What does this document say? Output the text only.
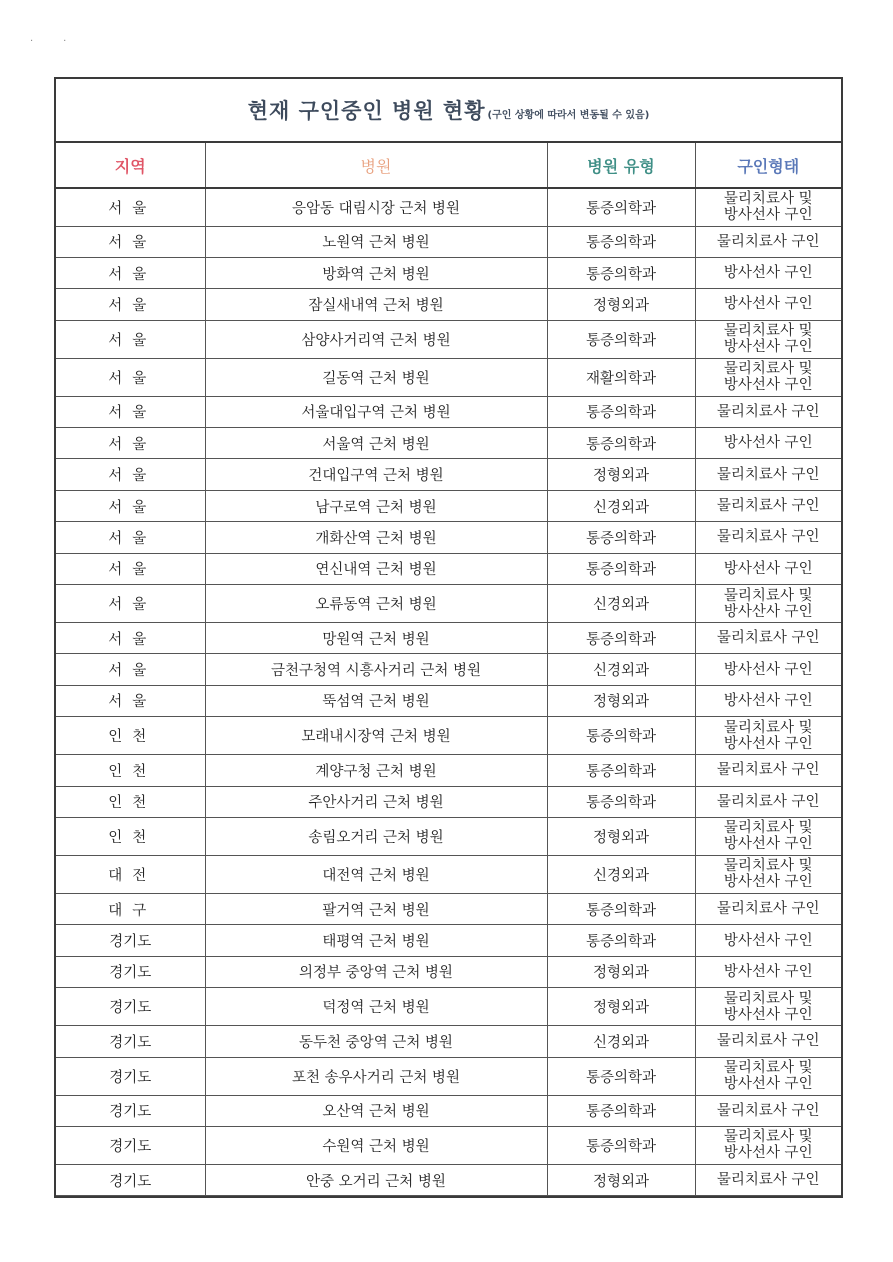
··
현재 구인중인 병원 현황 (구인 상황에 따라서 변동될 수 있음)
지역	병원	병원 유형	구인형태
서울	응암동 대림시장 근처 병원	통증의학과	물리치료사 및
방사선사 구인

서울	노원역 근처 병원	통증의학과	물리치료사 구인

서울	방화역 근처 병원	통증의학과	방사선사 구인

서울	잠실새내역 근처 병원	정형외과	방사선사 구인

서울	삼양사거리역 근처 병원	통증의학과	물리치료사 및
방사선사 구인

서울	길동역 근처 병원	재활의학과	물리치료사 및
방사선사 구인

서울	서울대입구역 근처 병원	통증의학과	물리치료사 구인

서울	서울역 근처 병원	통증의학과	방사선사 구인

서울	건대입구역 근처 병원	정형외과	물리치료사 구인

서울	남구로역 근처 병원	신경외과	물리치료사 구인

서울	개화산역 근처 병원	통증의학과	물리치료사 구인

서울	연신내역 근처 병원	통증의학과	방사선사 구인

서울	오류동역 근처 병원	신경외과	물리치료사 및
방사산사 구인

서울	망원역 근처 병원	통증의학과	물리치료사 구인

서울	금천구청역 시흥사거리 근처 병원	신경외과	방사선사 구인

서울	뚝섬역 근처 병원	정형외과	방사선사 구인

인천	모래내시장역 근처 병원	통증의학과	물리치료사 및
방사선사 구인

인천	계양구청 근처 병원	통증의학과	물리치료사 구인

인천	주안사거리 근처 병원	통증의학과	물리치료사 구인

인천	송림오거리 근처 병원	정형외과	물리치료사 및
방사선사 구인

대전	대전역 근처 병원	신경외과	물리치료사 및
방사선사 구인

대구	팔거역 근처 병원	통증의학과	물리치료사 구인

경기도	태평역 근처 병원	통증의학과	방사선사 구인

경기도	의정부 중앙역 근처 병원	정형외과	방사선사 구인

경기도	덕정역 근처 병원	정형외과	물리치료사 및
방사선사 구인

경기도	동두천 중앙역 근처 병원	신경외과	물리치료사 구인

경기도	포천 송우사거리 근처 병원	통증의학과	물리치료사 및
방사선사 구인

경기도	오산역 근처 병원	통증의학과	물리치료사 구인

경기도	수원역 근처 병원	통증의학과	물리치료사 및
방사선사 구인

경기도	안중 오거리 근처 병원	정형외과	물리치료사 구인
